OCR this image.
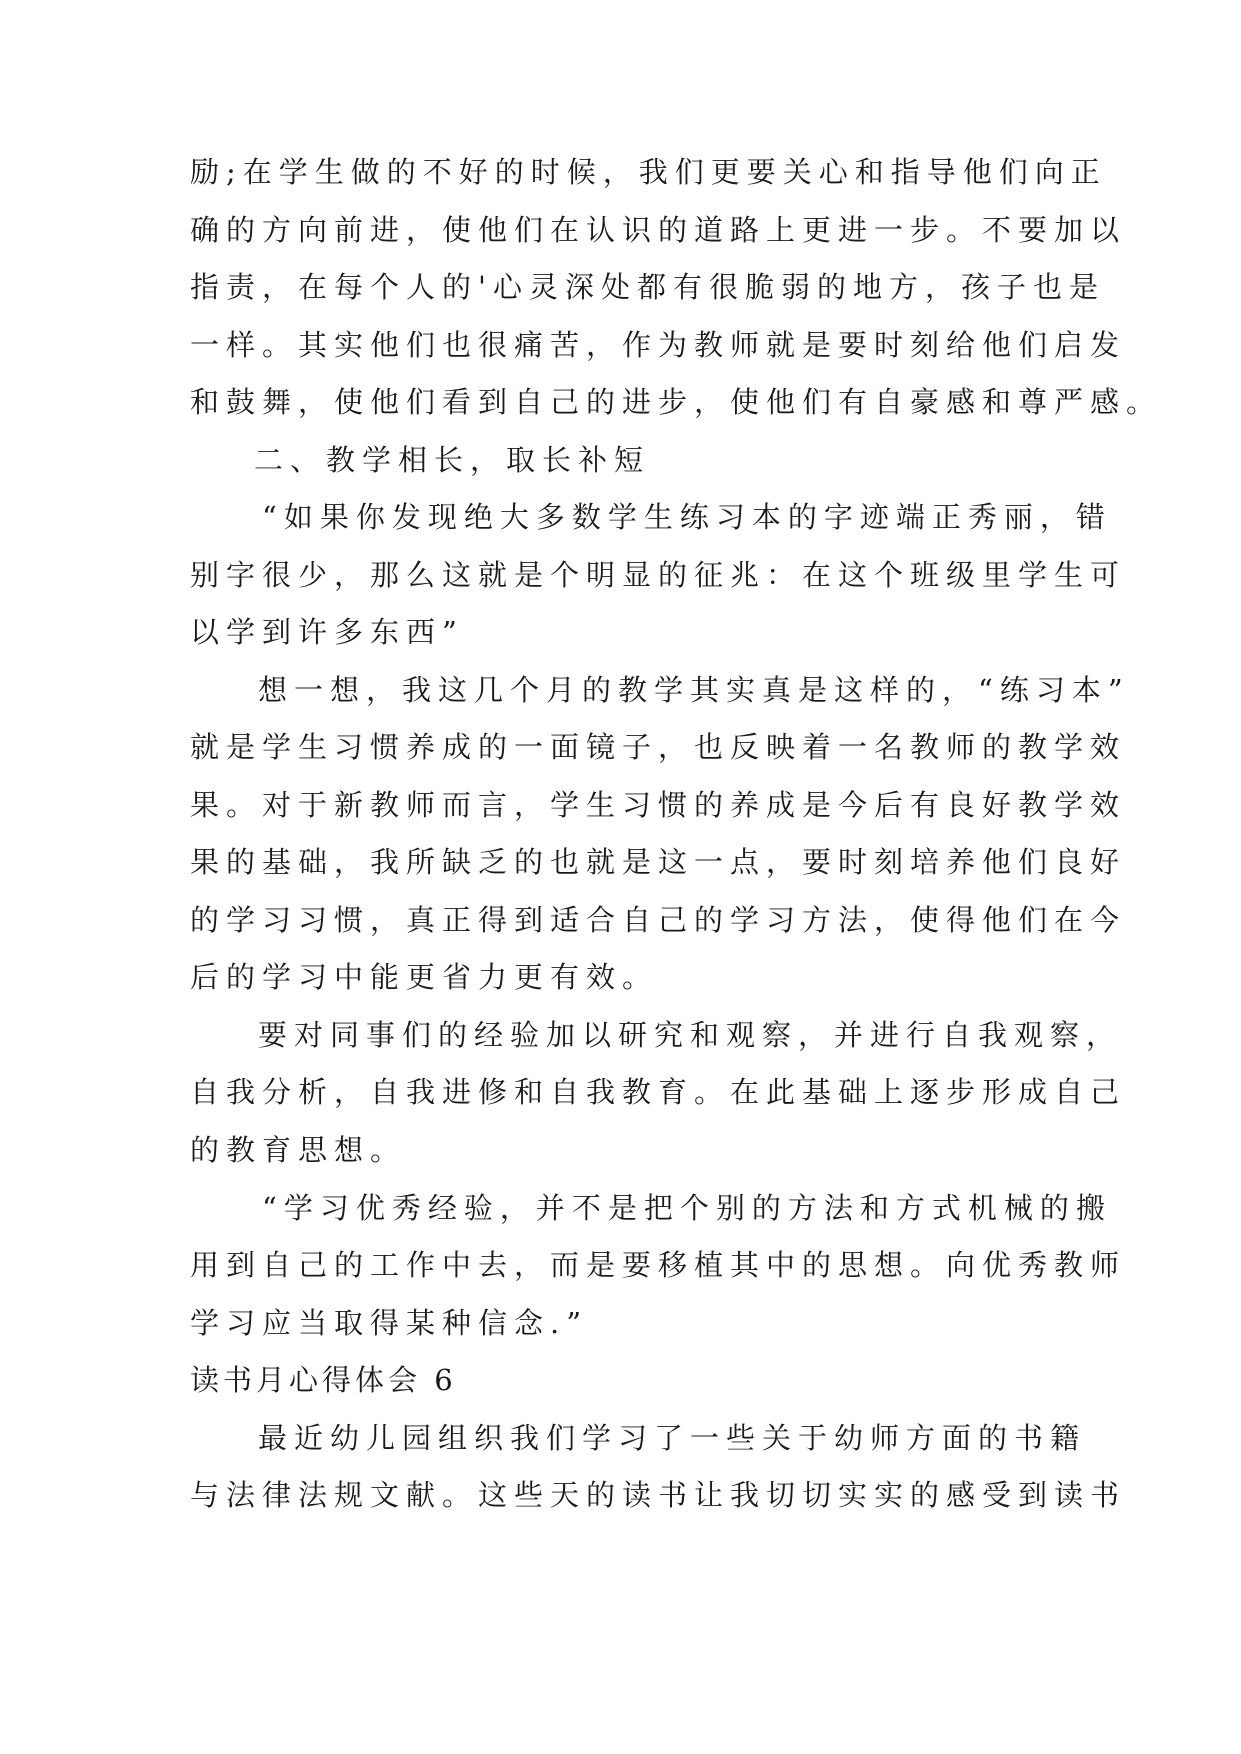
励;在学生做的不好的时候，我们更要关心和指导他们向正

确的方向前进，使他们在认识的道路上更进一步。不要加以

指责，在每个人的'心灵深处都有很脆弱的地方，孩子也是

一样。其实他们也很痛苦，作为教师就是要时刻给他们启发

和鼓舞，使他们看到自己的进步，使他们有自豪感和尊严感。

二、教学相长，取长补短

“如果你发现绝大多数学生练习本的字迹端正秀丽，错

别字很少，那么这就是个明显的征兆：在这个班级里学生可

以学到许多东西”

想一想，我这几个月的教学其实真是这样的，“练习本”

就是学生习惯养成的一面镜子，也反映着一名教师的教学效

果。对于新教师而言，学生习惯的养成是今后有良好教学效

果的基础，我所缺乏的也就是这一点，要时刻培养他们良好

的学习习惯，真正得到适合自己的学习方法，使得他们在今

后的学习中能更省力更有效。

要对同事们的经验加以研究和观察，并进行自我观察，

自我分析，自我进修和自我教育。在此基础上逐步形成自己

的教育思想。

“学习优秀经验，并不是把个别的方法和方式机械的搬

用到自己的工作中去，而是要移植其中的思想。向优秀教师

学习应当取得某种信念.”

读书月心得体会 6

最近幼儿园组织我们学习了一些关于幼师方面的书籍

与法律法规文献。这些天的读书让我切切实实的感受到读书
